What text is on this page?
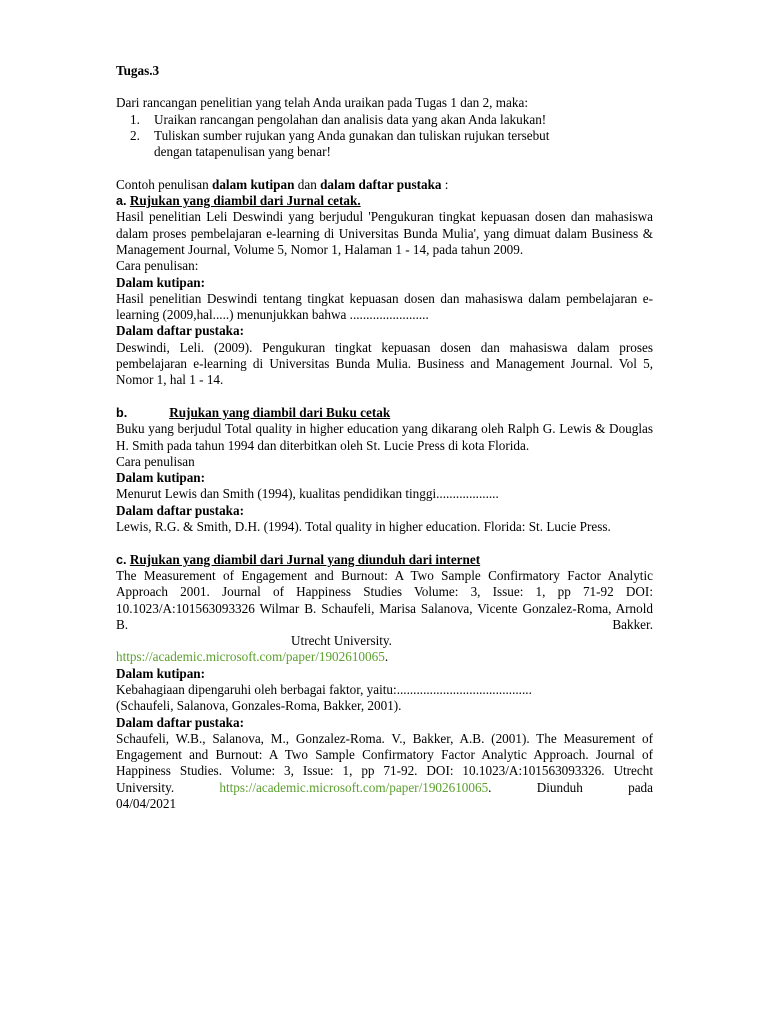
Tugas.3

Dari rancangan penelitian yang telah Anda uraikan pada Tugas 1 dan 2, maka:

1. Uraikan rancangan pengolahan dan analisis data yang akan Anda lakukan!
2. Tuliskan sumber rujukan yang Anda gunakan dan tuliskan rujukan tersebut dengan tatapenulisan yang benar!

Contoh penulisan dalam kutipan dan dalam daftar pustaka :

a. Rujukan yang diambil dari Jurnal cetak.

Hasil penelitian Leli Deswindi yang berjudul 'Pengukuran tingkat kepuasan dosen dan mahasiswa dalam proses pembelajaran e-learning di Universitas Bunda Mulia', yang dimuat dalam Business & Management Journal, Volume 5, Nomor 1, Halaman 1 - 14, pada tahun 2009.

Cara penulisan:

Dalam kutipan:

Hasil penelitian Deswindi tentang tingkat kepuasan dosen dan mahasiswa dalam pembelajaran e-learning (2009,hal.....) menunjukkan bahwa ........................

Dalam daftar pustaka:

Deswindi, Leli. (2009). Pengukuran tingkat kepuasan dosen dan mahasiswa dalam proses pembelajaran e-learning di Universitas Bunda Mulia. Business and Management Journal. Vol 5, Nomor 1, hal 1 - 14.

b.	Rujukan yang diambil dari Buku cetak

Buku yang berjudul Total quality in higher education yang dikarang oleh Ralph G. Lewis & Douglas H. Smith pada tahun 1994 dan diterbitkan oleh St. Lucie Press di kota Florida.

Cara penulisan

Dalam kutipan:

Menurut Lewis dan Smith (1994), kualitas pendidikan tinggi...................

Dalam daftar pustaka:

Lewis, R.G. & Smith, D.H. (1994). Total quality in higher education. Florida: St. Lucie Press.

c. Rujukan yang diambil dari Jurnal yang diunduh dari internet

The Measurement of Engagement and Burnout: A Two Sample Confirmatory Factor Analytic Approach 2001. Journal of Happiness Studies Volume: 3, Issue: 1, pp 71-92 DOI: 10.1023/A:101563093326 Wilmar B. Schaufeli, Marisa Salanova, Vicente Gonzalez-Roma, Arnold B. Bakker.

Utrecht University.

https://academic.microsoft.com/paper/1902610065.

Dalam kutipan:

Kebahagiaan dipengaruhi oleh berbagai faktor, yaitu:.........................................

(Schaufeli, Salanova, Gonzales-Roma, Bakker, 2001).

Dalam daftar pustaka:

Schaufeli, W.B., Salanova, M., Gonzalez-Roma. V., Bakker, A.B. (2001). The Measurement of Engagement and Burnout: A Two Sample Confirmatory Factor Analytic Approach. Journal of Happiness Studies. Volume: 3, Issue: 1, pp 71-92. DOI: 10.1023/A:101563093326. Utrecht

University.	https://academic.microsoft.com/paper/1902610065. Diunduh pada

04/04/2021
